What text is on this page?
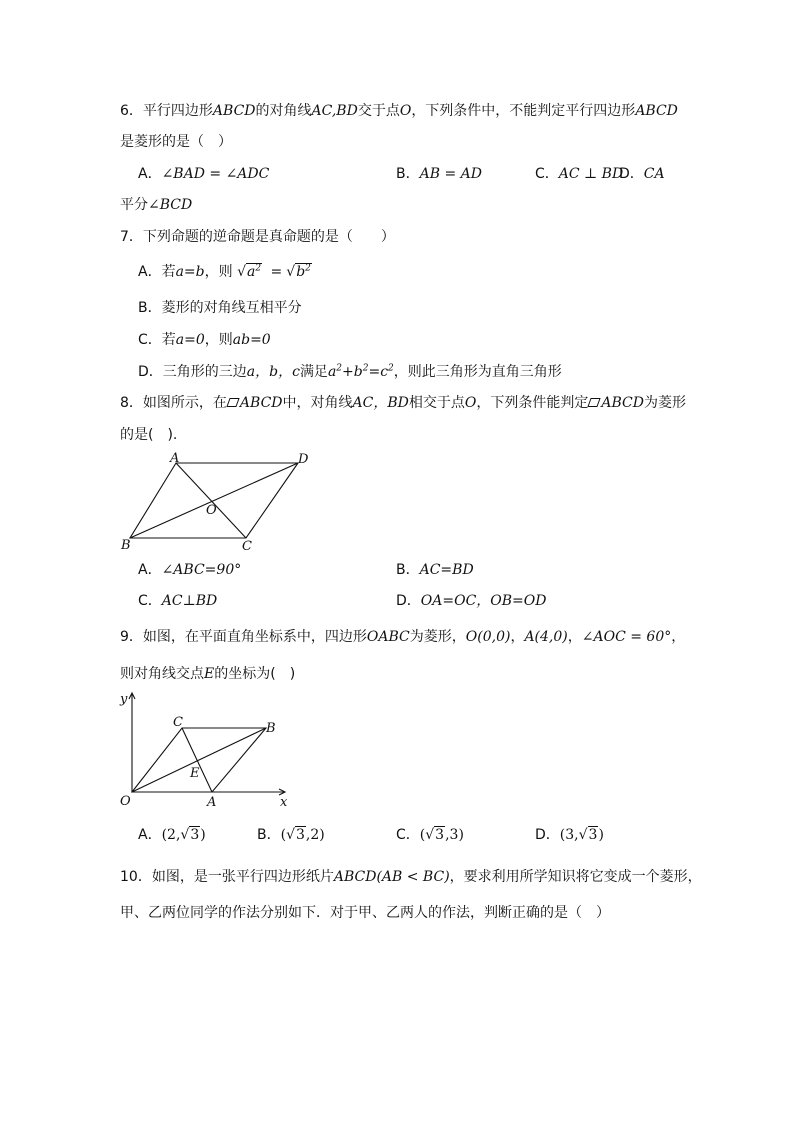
6．平行四边形ABCD的对角线AC,BD交于点O，下列条件中，不能判定平行四边形ABCD
是菱形的是（　）
A．∠BAD = ∠ADC	B．AB = AD	C．AC ⊥ BD
D．CA
平分∠BCD
7．下列命题的逆命题是真命题的是（　　）
A．若a=b，则 $√a^2 = √b^2$
B．菱形的对角线互相平分
C．若a=0，则ab=0
D．三角形的三边a，b，c满足$a^2+b^2=c^2$，则此三角形为直角三角形
8．如图所示，在 ABCD中，对角线AC，BD相交于点O，下列条件能判定 ABCD为菱形
的是(　).
A	D
B	C
O
A．∠ABC=90°	B．AC=BD
C．AC⊥BD	D．OA=OC，OB=OD
9．如图，在平面直角坐标系中，四边形OABC为菱形，O(0,0)，A(4,0)，∠AOC = 60°，
则对角线交点E的坐标为(　)
y
x
O	A
B
C
E
A．(2,√3)	B．(√3,2)	C．(√3,3)	D．(3,√3)
10．如图，是一张平行四边形纸片ABCD(AB < BC)，要求利用所学知识将它变成一个菱形，
甲、乙两位同学的作法分别如下．对于甲、乙两人的作法，判断正确的是（　）
